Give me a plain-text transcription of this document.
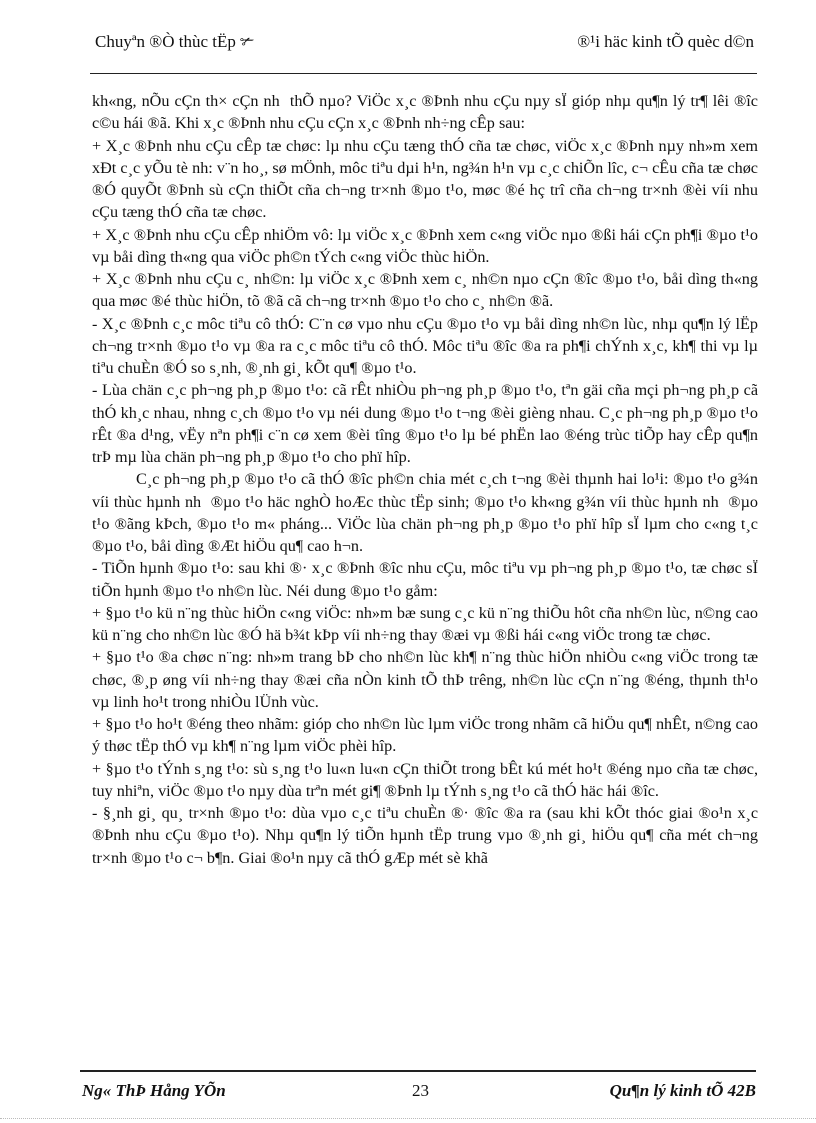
Chuyªn ®Ò thùc tËp ✃	®¹i häc kinh tÕ quèc d©n

kh«ng, nÕu cÇn th× cÇn nh  thÕ nµo? ViÖc x¸c ®Þnh nhu cÇu nµy sÏ gióp nhµ qu¶n lý tr¶ lêi ®îc c©u hái ®ã. Khi x¸c ®Þnh nhu cÇu cÇn x¸c ®Þnh nh÷ng cÊp sau:

+ X¸c ®Þnh nhu cÇu cÊp tæ chøc: lµ nhu cÇu tæng thÓ cña tæ chøc, viÖc x¸c ®Þnh nµy nh»m xem xÐt c¸c yÕu tè nh: v¨n ho¸, sø mÖnh, môc tiªu dµi h¹n, ng¾n h¹n vµ c¸c chiÕn lîc, c¬ cÊu cña tæ chøc ®Ó quyÕt ®Þnh sù cÇn thiÕt cña ch¬ng tr×nh ®µo t¹o, møc ®é hç trî cña ch¬ng tr×nh ®èi víi nhu cÇu tæng thÓ cña tæ chøc.

+ X¸c ®Þnh nhu cÇu cÊp nhiÖm vô: lµ viÖc x¸c ®Þnh xem c«ng viÖc nµo ®ßi hái cÇn ph¶i ®µo t¹o vµ båi dìng th«ng qua viÖc ph©n tÝch c«ng viÖc thùc hiÖn.

+ X¸c ®Þnh nhu cÇu c¸ nh©n: lµ viÖc x¸c ®Þnh xem c¸ nh©n nµo cÇn ®îc ®µo t¹o, båi dìng th«ng qua møc ®é thùc hiÖn, tõ ®ã cã ch¬ng tr×nh ®µo t¹o cho c¸ nh©n ®ã.

- X¸c ®Þnh c¸c môc tiªu cô thÓ: C¨n cø vµo nhu cÇu ®µo t¹o vµ båi dìng nh©n lùc, nhµ qu¶n lý lËp ch¬ng tr×nh ®µo t¹o vµ ®a ra c¸c môc tiªu cô thÓ. Môc tiªu ®îc ®a ra ph¶i chÝnh x¸c, kh¶ thi vµ lµ tiªu chuÈn ®Ó so s¸nh, ®¸nh gi¸ kÕt qu¶ ®µo t¹o.

- Lùa chän c¸c ph¬ng ph¸p ®µo t¹o: cã rÊt nhiÒu ph¬ng ph¸p ®µo t¹o, tªn gäi cña mçi ph¬ng ph¸p cã thÓ kh¸c nhau, nhng c¸ch ®µo t¹o vµ néi dung ®µo t¹o t¬ng ®èi gièng nhau. C¸c ph¬ng ph¸p ®µo t¹o rÊt ®a d¹ng, vËy nªn ph¶i c¨n cø xem ®èi tîng ®µo t¹o lµ bé phËn lao ®éng trùc tiÕp hay cÊp qu¶n trÞ mµ lùa chän ph¬ng ph¸p ®µo t¹o cho phï hîp.

C¸c ph¬ng ph¸p ®µo t¹o cã thÓ ®îc ph©n chia mét c¸ch t¬ng ®èi thµnh hai lo¹i: ®µo t¹o g¾n víi thùc hµnh nh  ®µo t¹o häc nghÒ hoÆc thùc tËp sinh; ®µo t¹o kh«ng g¾n víi thùc hµnh nh  ®µo t¹o ®ãng kÞch, ®µo t¹o m« pháng... ViÖc lùa chän ph¬ng ph¸p ®µo t¹o phï hîp sÏ lµm cho c«ng t¸c ®µo t¹o, båi dìng ®Æt hiÖu qu¶ cao h¬n.

- TiÕn hµnh ®µo t¹o: sau khi ®· x¸c ®Þnh ®îc nhu cÇu, môc tiªu vµ ph¬ng ph¸p ®µo t¹o, tæ chøc sÏ tiÕn hµnh ®µo t¹o nh©n lùc. Néi dung ®µo t¹o gåm:

+ §µo t¹o kü n¨ng thùc hiÖn c«ng viÖc: nh»m bæ sung c¸c kü n¨ng thiÕu hôt cña nh©n lùc, n©ng cao kü n¨ng cho nh©n lùc ®Ó hä b¾t kÞp víi nh÷ng thay ®æi vµ ®ßi hái c«ng viÖc trong tæ chøc.

+ §µo t¹o ®a chøc n¨ng: nh»m trang bÞ cho nh©n lùc kh¶ n¨ng thùc hiÖn nhiÒu c«ng viÖc trong tæ chøc, ®¸p øng víi nh÷ng thay ®æi cña nÒn kinh tÕ thÞ trêng, nh©n lùc cÇn n¨ng ®éng, thµnh th¹o vµ linh ho¹t trong nhiÒu lÜnh vùc.

+ §µo t¹o ho¹t ®éng theo nhãm: gióp cho nh©n lùc lµm viÖc trong nhãm cã hiÖu qu¶ nhÊt, n©ng cao ý thøc tËp thÓ vµ kh¶ n¨ng lµm viÖc phèi hîp.

+ §µo t¹o tÝnh s¸ng t¹o: sù s¸ng t¹o lu«n lu«n cÇn thiÕt trong bÊt kú mét ho¹t ®éng nµo cña tæ chøc, tuy nhiªn, viÖc ®µo t¹o nµy dùa trªn mét gi¶ ®Þnh lµ tÝnh s¸ng t¹o cã thÓ häc hái ®îc.

- §¸nh gi¸ qu¸ tr×nh ®µo t¹o: dùa vµo c¸c tiªu chuÈn ®· ®îc ®a ra (sau khi kÕt thóc giai ®o¹n x¸c ®Þnh nhu cÇu ®µo t¹o). Nhµ qu¶n lý tiÕn hµnh tËp trung vµo ®¸nh gi¸ hiÖu qu¶ cña mét ch¬ng tr×nh ®µo t¹o c¬ b¶n. Giai ®o¹n nµy cã thÓ gÆp mét sè khã

Ng« ThÞ Hång YÕn	23	Qu¶n lý kinh tÕ 42B
